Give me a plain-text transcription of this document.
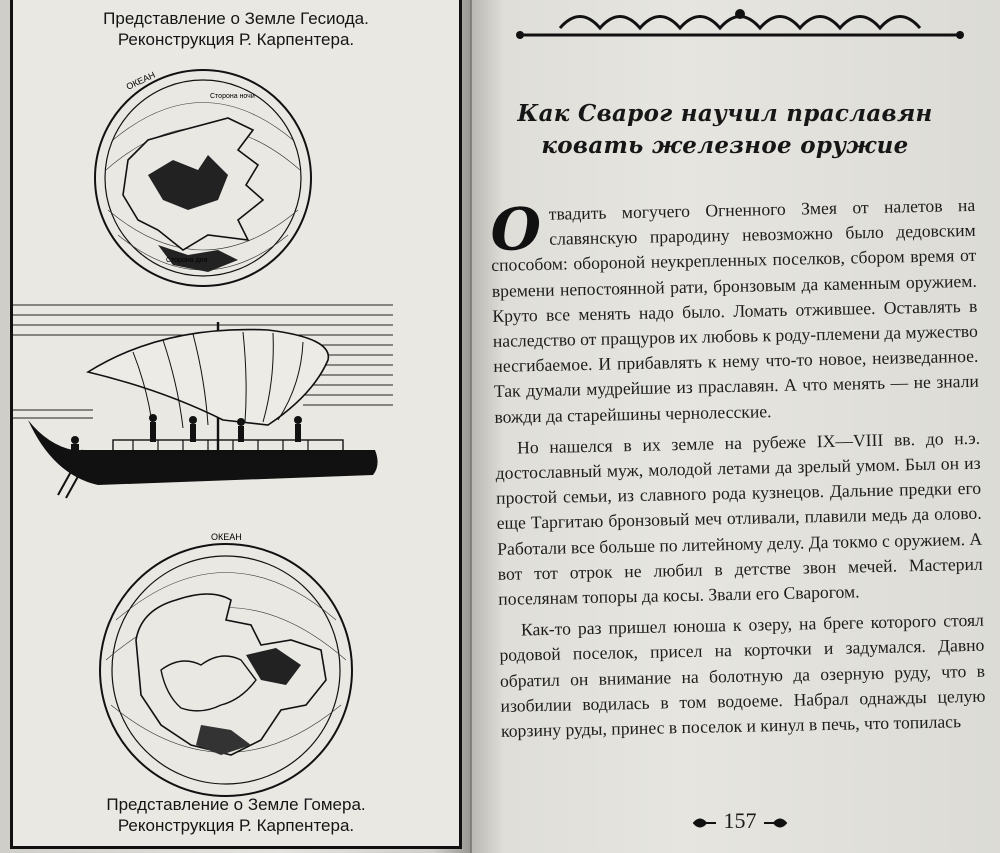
Представление о Земле Гесиода.
Реконструкция Р. Карпентера.
ОКЕАН
Сторона ночи
Сторона дня
ОКЕАН
Представление о Земле Гомера.
Реконструкция Р. Карпентера.
Как Сварог научил праславян
ковать железное оружие

Отвадить могучего Огненного Змея от налетов на славянскую прародину невозможно было дедовским способом: обороной неукрепленных поселков, сбором время от времени непостоянной рати, бронзовым да каменным оружием. Круто все менять надо было. Ломать отжившее. Оставлять в наследство от пращуров их любовь к роду-племени да мужество несгибаемое. И прибавлять к нему что-то новое, неизведанное. Так думали мудрейшие из праславян. А что менять — не знали вожди да старейшины чернолесские.

Но нашелся в их земле на рубеже IX—VIII вв. до н.э. достославный муж, молодой летами да зрелый умом. Был он из простой семьи, из славного рода кузнецов. Дальние предки его еще Таргитаю бронзовый меч отливали, плавили медь да олово. Работали все больше по литейному делу. Да токмо с оружием. А вот тот отрок не любил в детстве звон мечей. Мастерил поселянам топоры да косы. Звали его Сварогом.

Как-то раз пришел юноша к озеру, на бреге которого стоял родовой поселок, присел на корточки и задумался. Давно обратил он внимание на болотную да озерную руду, что в изобилии водилась в том водоеме. Набрал однажды целую корзину руды, принес в поселок и кинул в печь, что топилась

157
